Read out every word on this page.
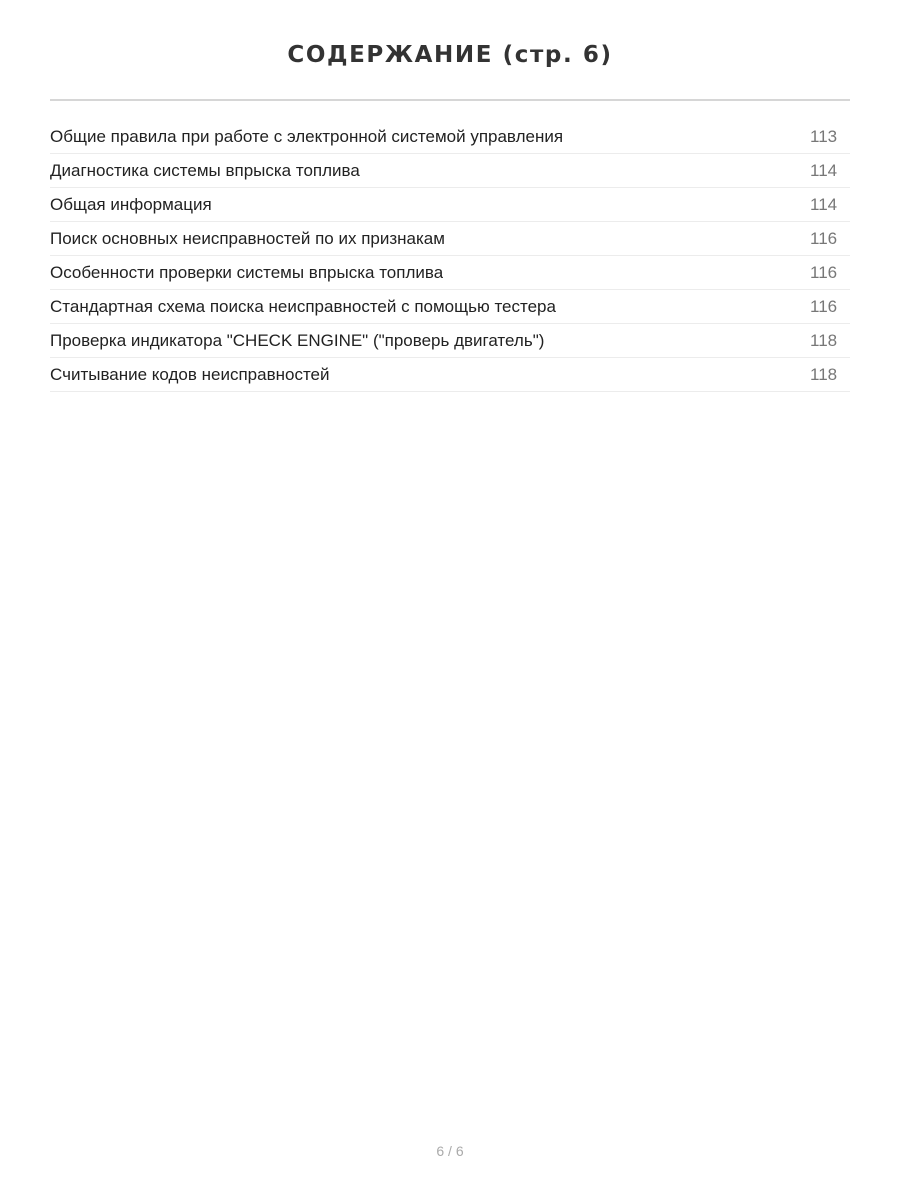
СОДЕРЖАНИЕ (стр. 6)
Общие правила при работе с электронной системой управления	113
Диагностика системы впрыска топлива	114
Общая информация	114
Поиск основных неисправностей по их признакам	116
Особенности проверки системы впрыска топлива	116
Стандартная схема поиска неисправностей с помощью тестера	116
Проверка индикатора "CHECK ENGINE" ("проверь двигатель")	118
Считывание кодов неисправностей	118
6 / 6
